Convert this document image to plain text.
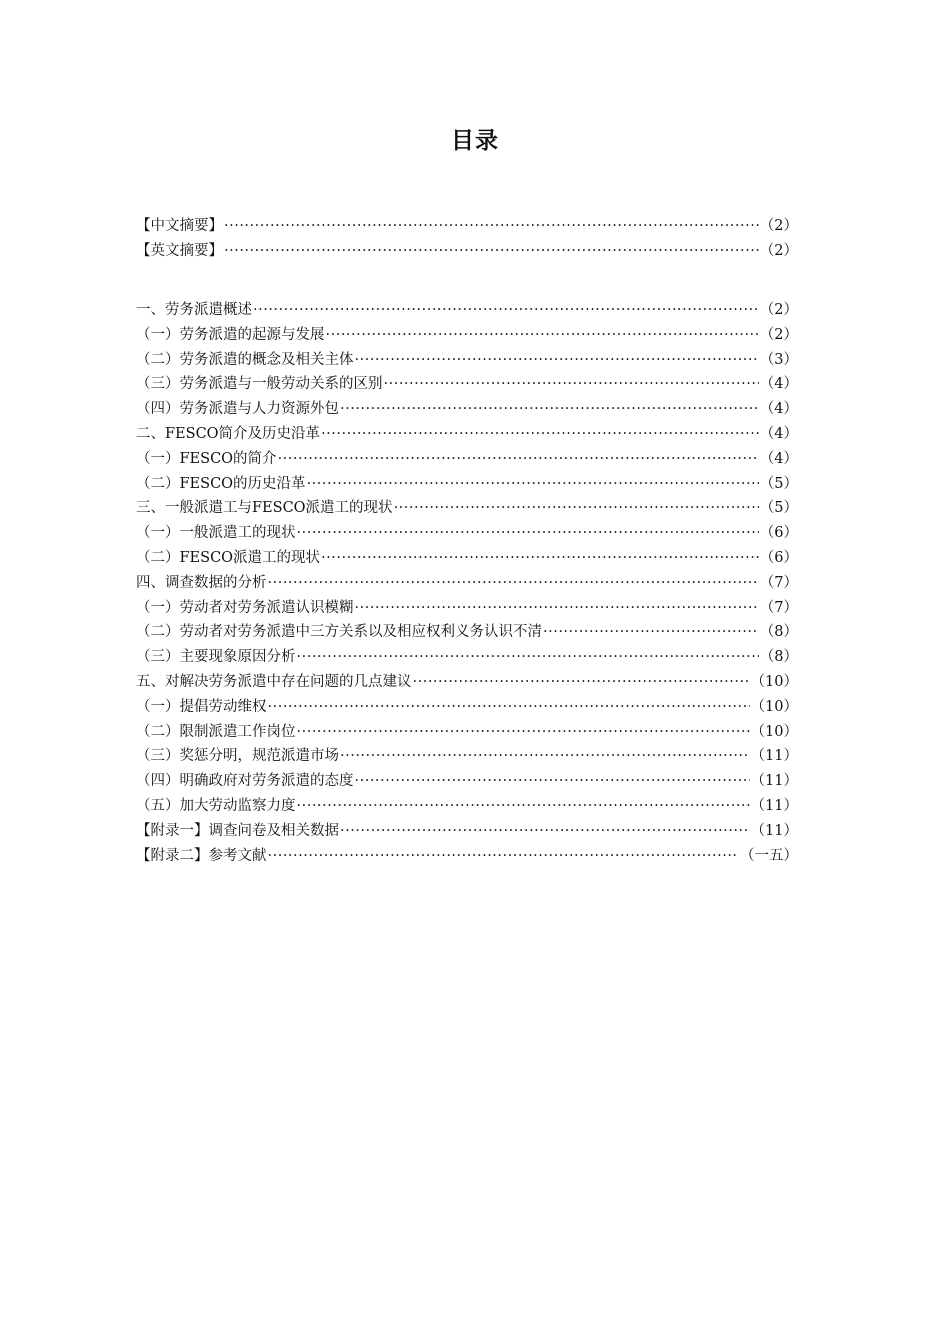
目录
【中文摘要】 ·····	（2）
【英文摘要】 ·····	（2）
一、劳务派遣概述 ·····	（2）
（一）劳务派遣的起源与发展 ·····	（2）
（二）劳务派遣的概念及相关主体 ·····	（3）
（三）劳务派遣与一般劳动关系的区别 ·····	（4）
（四）劳务派遣与人力资源外包 ·····	（4）
二、FESCO简介及历史沿革 ·····	（4）
（一）FESCO的简介 ·····	（4）
（二）FESCO的历史沿革 ·····	（5）
三、一般派遣工与FESCO派遣工的现状 ·····	（5）
（一）一般派遣工的现状 ·····	（6）
（二）FESCO派遣工的现状 ·····	（6）
四、调查数据的分析 ·····	（7）
（一）劳动者对劳务派遣认识模糊 ·····	（7）
（二）劳动者对劳务派遣中三方关系以及相应权利义务认识不清 ·····	（8）
（三）主要现象原因分析 ·····	（8）
五、对解决劳务派遣中存在问题的几点建议 ·····	（10）
（一）提倡劳动维权 ·····	（10）
（二）限制派遣工作岗位 ·····	（10）
（三）奖惩分明，规范派遣市场 ·····	（11）
（四）明确政府对劳务派遣的态度 ·····	（11）
（五）加大劳动监察力度 ·····	（11）
【附录一】调查问卷及相关数据 ·····	（11）
【附录二】参考文献 ·····	（一五）
